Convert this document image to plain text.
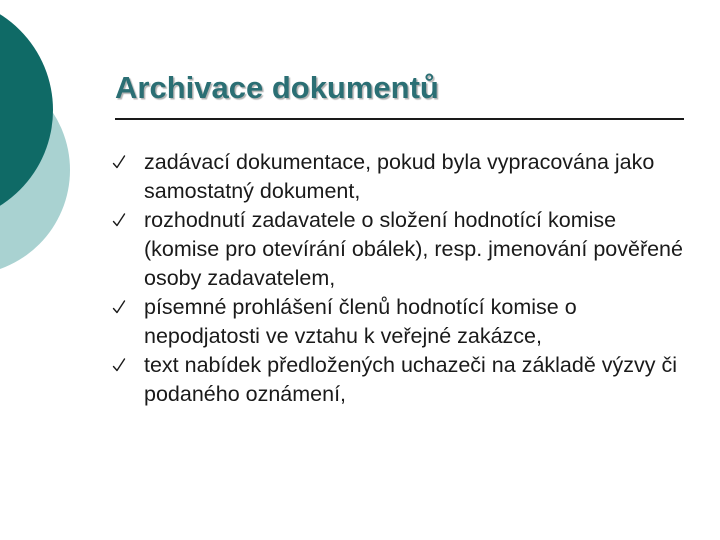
Archivace dokumentů
zadávací dokumentace, pokud byla vypracována jako samostatný dokument,
rozhodnutí zadavatele o složení hodnotící komise (komise pro otevírání obálek), resp. jmenování pověřené osoby zadavatelem,
písemné prohlášení členů hodnotící komise o nepodjatosti ve vztahu k veřejné zakázce,
text nabídek předložených uchazeči na základě výzvy či podaného oznámení,
